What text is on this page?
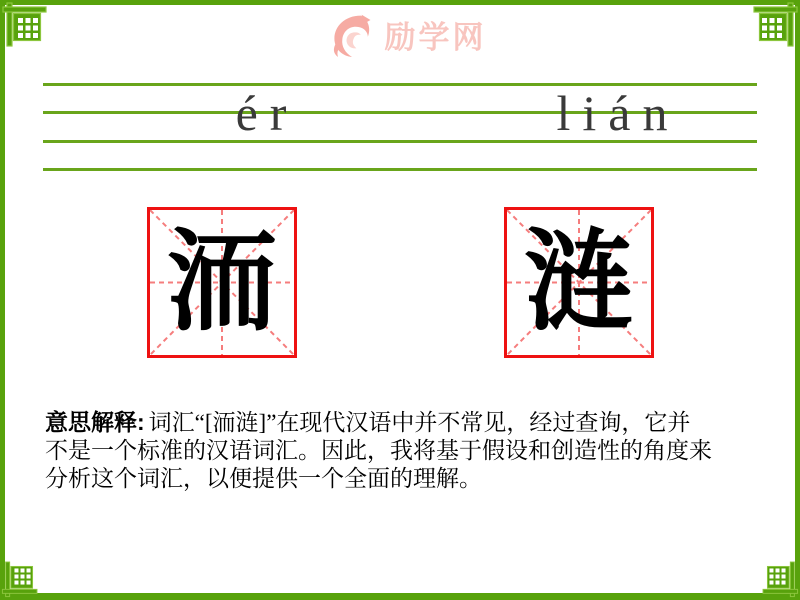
励学网
ér	lián
洏 涟
意思解释: 词汇“[洏涟]”在现代汉语中并不常见，经过查询，它并
不是一个标准的汉语词汇。因此，我将基于假设和创造性的角度来
分析这个词汇，以便提供一个全面的理解。
